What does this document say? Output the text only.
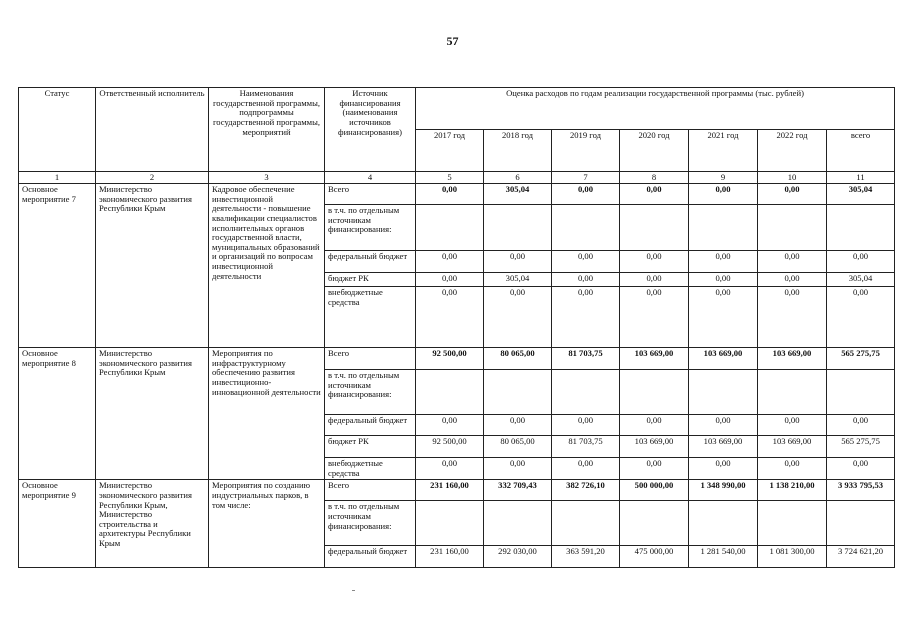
57
Статус	Ответственный исполнитель	Наименования государственной программы, подпрограммы государственной программы, мероприятий	Источник финансирования (наименования источников финансирования)	Оценка расходов по годам реализации государственной программы (тыс. рублей)						
				2017 год	2018 год	2019 год	2020 год	2021 год	2022 год	всего
1	2	3	4	5	6	7	8	9	10	11
Основное мероприятие 7	Министерство экономического развития Республики Крым	Кадровое обеспечение инвестиционной деятельности - повышение квалификации специалистов исполнительных органов государственной власти, муниципальных образований и организаций по вопросам инвестиционной деятельности	Всего	0,00	305,04	0,00	0,00	0,00	0,00	305,04
			в т.ч. по отдельным источникам финансирования:							
			федеральный бюджет	0,00	0,00	0,00	0,00	0,00	0,00	0,00
			бюджет РК	0,00	305,04	0,00	0,00	0,00	0,00	305,04
			внебюджетные средства	0,00	0,00	0,00	0,00	0,00	0,00	0,00
Основное мероприятие 8	Министерство экономического развития Республики Крым	Мероприятия по инфраструктурному обеспечению развития инвестиционно-инновационной деятельности	Всего	92 500,00	80 065,00	81 703,75	103 669,00	103 669,00	103 669,00	565 275,75
			в т.ч. по отдельным источникам финансирования:							
			федеральный бюджет	0,00	0,00	0,00	0,00	0,00	0,00	0,00
			бюджет РК	92 500,00	80 065,00	81 703,75	103 669,00	103 669,00	103 669,00	565 275,75
			внебюджетные средства	0,00	0,00	0,00	0,00	0,00	0,00	0,00
Основное мероприятие 9	Министерство экономического развития Республики Крым, Министерство строительства и архитектуры Республики Крым	Мероприятия по созданию индустриальных парков, в том числе:	Всего	231 160,00	332 709,43	382 726,10	500 000,00	1 348 990,00	1 138 210,00	3 933 795,53
			в т.ч. по отдельным источникам финансирования:							
			федеральный бюджет	231 160,00	292 030,00	363 591,20	475 000,00	1 281 540,00	1 081 300,00	3 724 621,20
